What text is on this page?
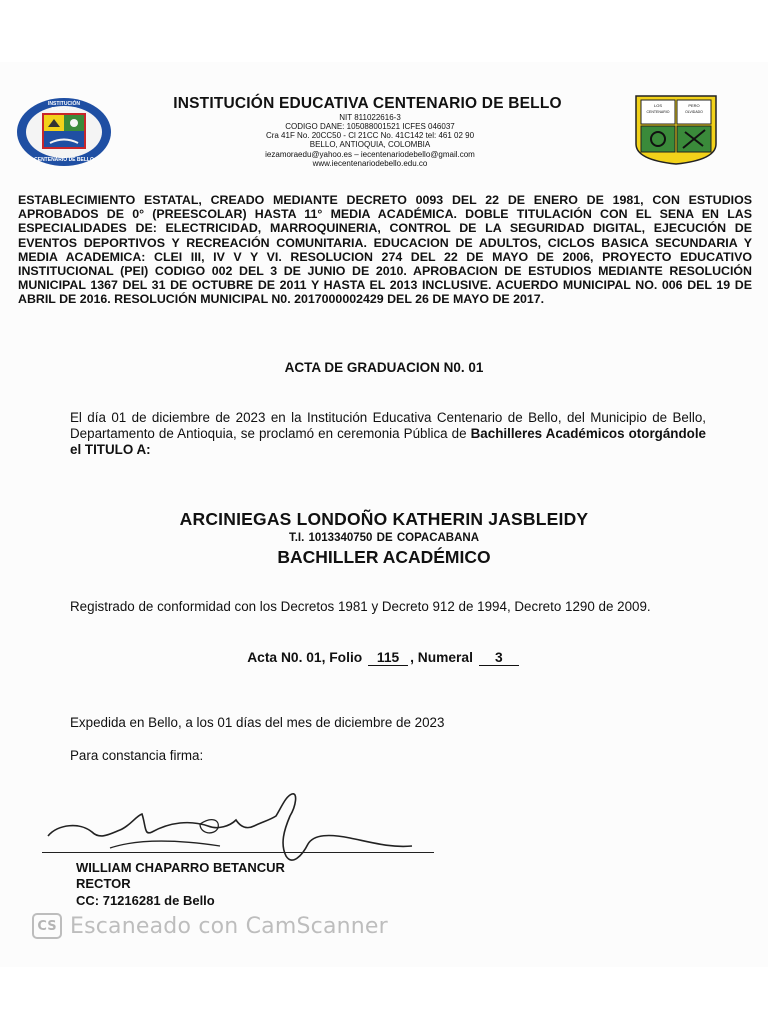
INSTITUCIÓN
EDUCATIVA
CENTENARIO DE BELLO
INSTITUCIÓN EDUCATIVA CENTENARIO DE BELLO
NIT 811022616-3
CODIGO DANE: 105088001521 ICFES 046037
Cra 41F No. 20CC50 - Cl 21CC No. 41C142 tel: 461 02 90
BELLO, ANTIOQUIA, COLOMBIA
iezamoraedu@yahoo.es – iecentenariodebello@gmail.com
www.iecentenariodebello.edu.co
LOS
CENTENARIO
PERO
OLVIDADO
ESTABLECIMIENTO ESTATAL, CREADO MEDIANTE DECRETO 0093 DEL 22 DE ENERO DE 1981, CON ESTUDIOS APROBADOS DE 0° (PREESCOLAR) HASTA 11° MEDIA ACADÉMICA. DOBLE TITULACIÓN CON EL SENA EN LAS ESPECIALIDADES DE: ELECTRICIDAD, MARROQUINERIA, CONTROL DE LA SEGURIDAD DIGITAL, EJECUCIÓN DE EVENTOS DEPORTIVOS Y RECREACIÓN COMUNITARIA. EDUCACION DE ADULTOS, CICLOS BASICA SECUNDARIA Y MEDIA ACADEMICA: CLEI III, IV V Y VI. RESOLUCION 274 DEL 22 DE MAYO DE 2006, PROYECTO EDUCATIVO INSTITUCIONAL (PEI) CODIGO 002 DEL 3 DE JUNIO DE 2010. APROBACION DE ESTUDIOS MEDIANTE RESOLUCIÓN MUNICIPAL 1367 DEL 31 DE OCTUBRE DE 2011 Y HASTA EL 2013 INCLUSIVE. ACUERDO MUNICIPAL NO. 006 DEL 19 DE ABRIL DE 2016. RESOLUCIÓN MUNICIPAL N0. 2017000002429 DEL 26 DE MAYO DE 2017.
ACTA DE GRADUACION N0. 01
El día 01 de diciembre de 2023 en la Institución Educativa Centenario de Bello, del Municipio de Bello, Departamento de Antioquia, se proclamó en ceremonia Pública de Bachilleres Académicos otorgándole el TITULO A:
ARCINIEGAS LONDOÑO KATHERIN JASBLEIDY
T.I. 1013340750 DE COPACABANA
BACHILLER ACADÉMICO
Registrado de conformidad con los Decretos 1981 y Decreto 912 de 1994, Decreto 1290 de 2009.
Acta N0. 01, Folio 115 , Numeral 3
Expedida en Bello, a los 01 días del mes de diciembre de 2023
Para constancia firma:
WILLIAM CHAPARRO BETANCUR
RECTOR
CC: 71216281 de Bello
CS Escaneado con CamScanner
